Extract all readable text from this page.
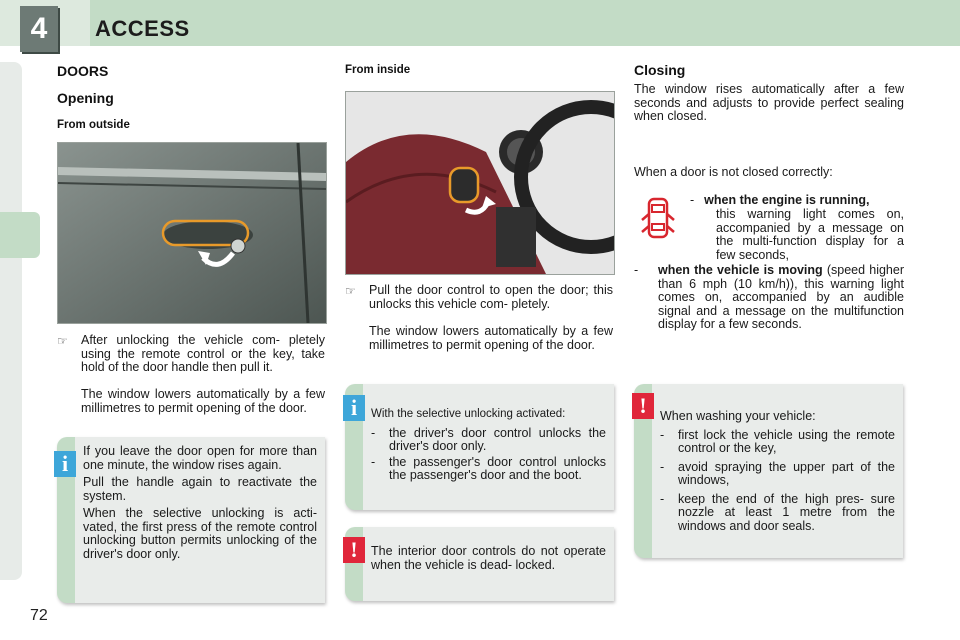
4	ACCESS
72
DOORS
Opening
From outside
☞ After unlocking the vehicle com- pletely using the remote control or the key, take hold of the door handle then pull it.
The window lowers automatically by a few millimetres to permit opening of the door.
If you leave the door open for more than one minute, the window rises again.
Pull the handle again to reactivate the system.
When the selective unlocking is acti- vated, the first press of the remote control unlocking button permits unlocking of the driver's door only.
i
From inside
☞ Pull the door control to open the door; this unlocks this vehicle com- pletely.
The window lowers automatically by a few millimetres to permit opening of the door.
With the selective unlocking activated:
- the driver's door control unlocks the driver's door only.
- the passenger's door control unlocks the passenger's door and the boot.
i
The interior door controls do not operate when the vehicle is dead- locked.
!
Closing
The window rises automatically after a few seconds and adjusts to provide perfect sealing when closed.
When a door is not closed correctly:
- when the engine is running,
this warning light comes on, accompanied by a message on the multi-function display for a few seconds,
-	when the vehicle is moving (speed higher than 6 mph (10 km/h)), this warning light comes on, accompanied by an audible signal and a message on the multifunction display for a few seconds.
When washing your vehicle:
- first lock the vehicle using the remote control or the key,
- avoid spraying the upper part of the windows,
- keep the end of the high pres- sure nozzle at least 1 metre from the windows and door seals.
!
